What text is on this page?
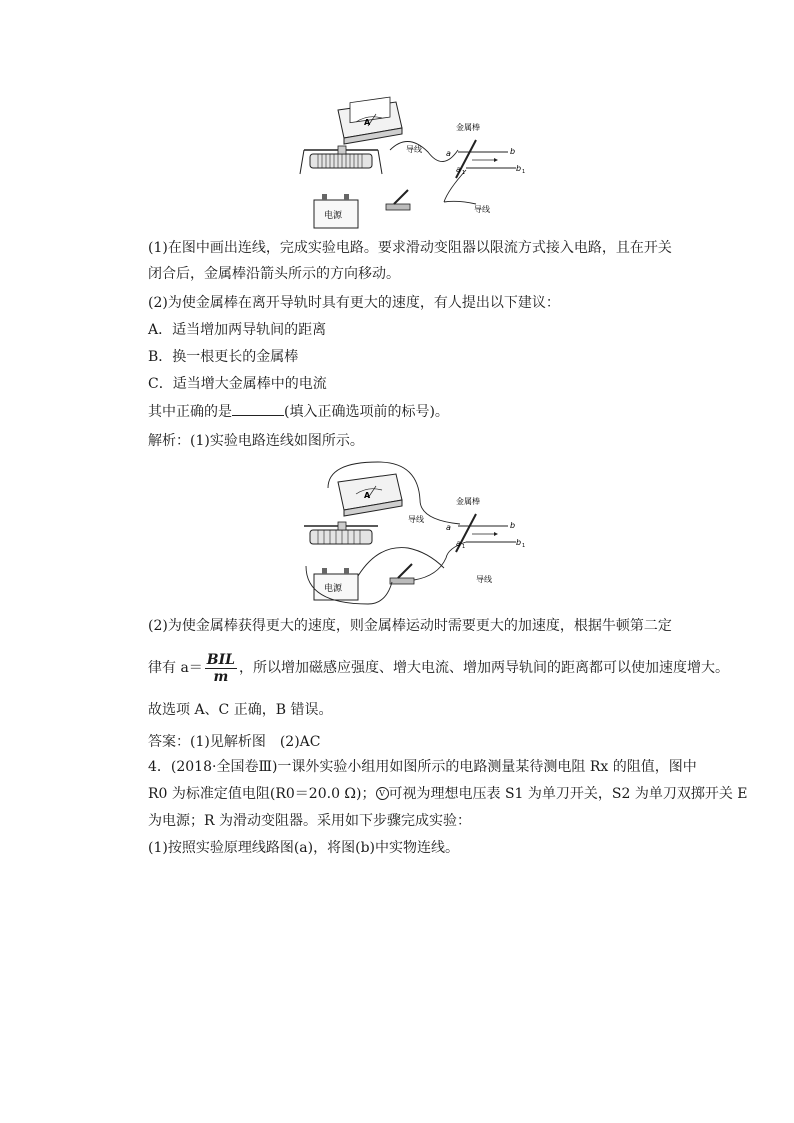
A
电源
金属棒
导线
导线
a
a 1
b
b 1
(1)在图中画出连线，完成实验电路。要求滑动变阻器以限流方式接入电路，且在开关
闭合后，金属棒沿箭头所示的方向移动。
(2)为使金属棒在离开导轨时具有更大的速度，有人提出以下建议：
A．适当增加两导轨间的距离
B．换一根更长的金属棒
C．适当增大金属棒中的电流
其中正确的是	(填入正确选项前的标号)。
解析：(1)实验电路连线如图所示。
A
电源
金属棒
导线
导线
a
a 1
b
b 1
(2)为使金属棒获得更大的速度，则金属棒运动时需要更大的加速度，根据牛顿第二定
律有 $a= \frac{\text{BIL}}{m}$ ，所以增加磁感应强度、增大电流、增加两导轨间的距离都可以使加速度增大。
故选项 A、C 正确，B 错误。
答案：(1)见解析图　(2)AC
4．(2018·全国卷Ⅲ)一课外实验小组用如图所示的电路测量某待测电阻 Rx 的阻值，图中
R0 为标准定值电阻(R0＝20.0 Ω)； V 可视为理想电压表 S1 为单刀开关，S2 为单刀双掷开关 E
为电源；R 为滑动变阻器。采用如下步骤完成实验：
(1)按照实验原理线路图(a)，将图(b)中实物连线。
